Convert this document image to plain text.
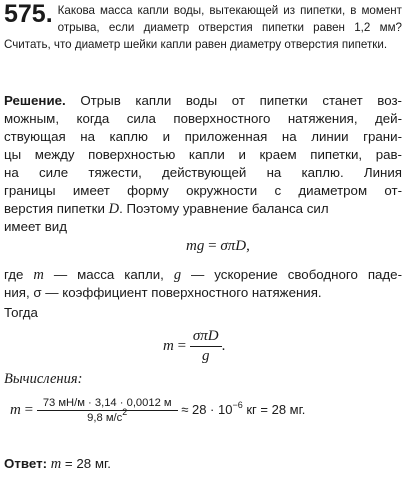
575. Какова масса капли воды, вытекающей из пипетки, в момент отрыва, если диаметр отверстия пипетки равен 1,2 мм? Считать, что диаметр шейки капли равен диаметру отверстия пипетки.
Решение. Отрыв капли воды от пипетки станет воз-
можным, когда сила поверхностного натяжения, дей-
ствующая на каплю и приложенная на линии грани-
цы между поверхностью капли и краем пипетки, рав-
на силе тяжести, действующей на каплю. Линия
границы имеет форму окружности с диаметром от-
верстия пипетки D. Поэтому уравнение баланса сил
имеет вид
mg = σπD,
где m — масса капли, g — ускорение свободного паде-
ния, σ — коэффициент поверхностного натяжения.
Тогда
$m = \frac{\text{σπD}}{g}$ .
Вычисления:
$m = \frac{73 мН/м \cdot 3,14 \cdot 0,0012 м}{9,8 м/с^2} \approx 28 \cdot 10^{-6}$ кг = 28 мг.
Ответ: m = 28 мг.
